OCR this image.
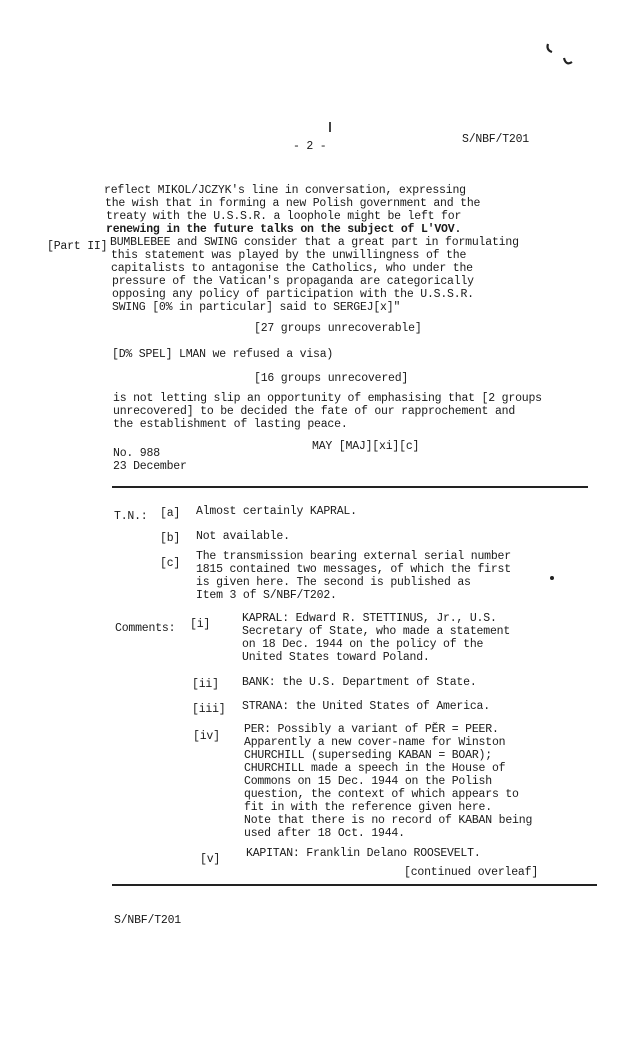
- 2 -
S/NBF/T201
reflect MIKOL/JCZYK's line in conversation, expressing
the wish that in forming a new Polish government and the
treaty with the U.S.S.R. a loophole might be left for
renewing in the future talks on the subject of L'VOV.
[Part II] BUMBLEBEE and SWING consider that a great part in formulating
this statement was played by the unwillingness of the
capitalists to antagonise the Catholics, who under the
pressure of the Vatican's propaganda are categorically
opposing any policy of participation with the U.S.S.R.
SWING [0% in particular] said to SERGEJ[x]"
[27 groups unrecoverable]
[D% SPEL] LMAN we refused a visa)
[16 groups unrecovered]
is not letting slip an opportunity of emphasising that [2 groups
unrecovered] to be decided the fate of our rapprochement and
the establishment of lasting peace.
No. 988
23 December
MAY [MAJ][xi][c]
T.N.: [a] Almost certainly KAPRAL.
[b] Not available.
[c]
The transmission bearing external serial number
1815 contained two messages, of which the first
is given here. The second is published as
Item 3 of S/NBF/T202.
Comments: [i]	KAPRAL: Edward R. STETTINUS, Jr., U.S.
Secretary of State, who made a statement
on 18 Dec. 1944 on the policy of the
United States toward Poland.
[ii] BANK: the U.S. Department of State.
[iii] STRANA: the United States of America.
[iv]
PER: Possibly a variant of PĔR = PEER.
Apparently a new cover-name for Winston
CHURCHILL (superseding KABAN = BOAR);
CHURCHILL made a speech in the House of
Commons on 15 Dec. 1944 on the Polish
question, the context of which appears to
fit in with the reference given here.
Note that there is no record of KABAN being
used after 18 Oct. 1944.
[v] KAPITAN: Franklin Delano ROOSEVELT.
[continued overleaf]
S/NBF/T201
